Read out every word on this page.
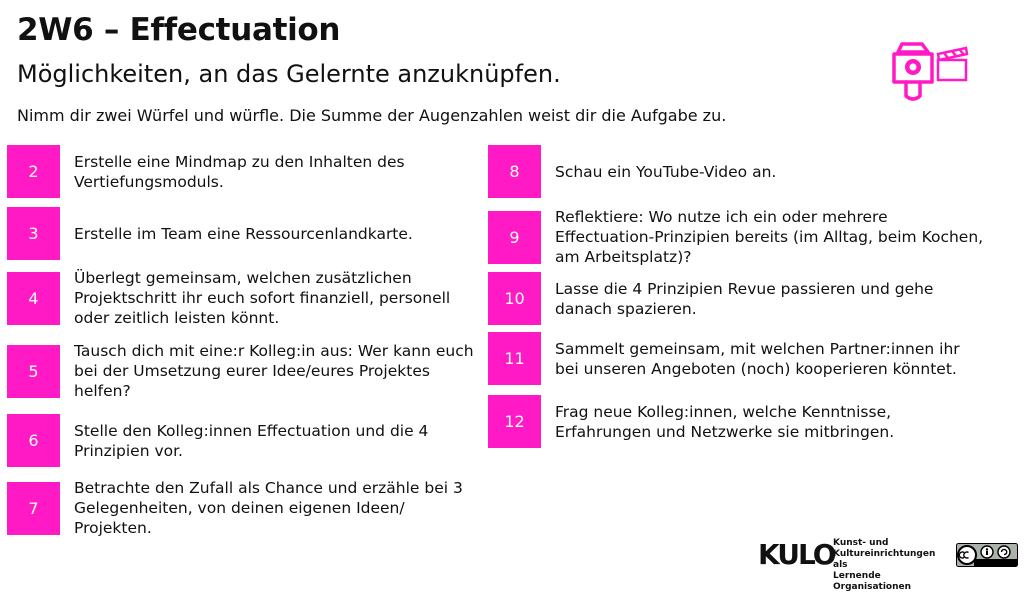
2W6 – Effectuation
Möglichkeiten, an das Gelernte anzuknüpfen.
Nimm dir zwei Würfel und würfle. Die Summe der Augenzahlen weist dir die Aufgabe zu.
2
Erstelle eine Mindmap zu den Inhalten des Vertiefungsmoduls.
3	Erstelle im Team eine Ressourcenlandkarte.
4
Überlegt gemeinsam, welchen zusätzlichen Projektschritt ihr euch sofort finanziell, personell oder zeitlich leisten könnt.
5
Tausch dich mit eine:r Kolleg:in aus: Wer kann euch bei der Umsetzung eurer Idee/eures Projektes helfen?
6
Stelle den Kolleg:innen Effectuation und die 4 Prinzipien vor.
7
Betrachte den Zufall als Chance und erzähle bei 3 Gelegenheiten, von deinen eigenen Ideen/ Projekten.
8	Schau ein YouTube-Video an.
9
Reflektiere: Wo nutze ich ein oder mehrere Effectuation-Prinzipien bereits (im Alltag, beim Kochen, am Arbeitsplatz)?
10
Lasse die 4 Prinzipien Revue passieren und gehe danach spazieren.
11
Sammelt gemeinsam, mit welchen Partner:innen ihr bei unseren Angeboten (noch) kooperieren könntet.
12
Frag neue Kolleg:innen, welche Kenntnisse, Erfahrungen und Netzwerke sie mitbringen.
KULO
Kunst- und
Kultureinrichtungen als
Lernende Organisationen
